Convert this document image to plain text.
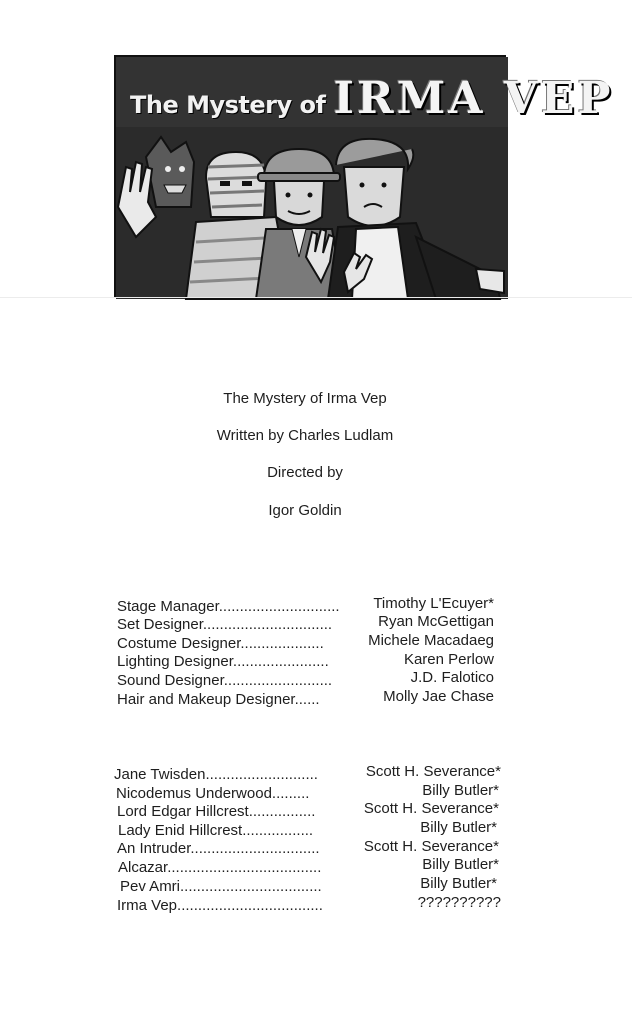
The Mystery of IRMA VEP
The Mystery of Irma Vep
Written by Charles Ludlam
Directed by
Igor Goldin
Stage Manager............................. Timothy L'Ecuyer*
Set Designer...............................	Ryan McGettigan
Costume Designer....................	Michele Macadaeg
Lighting Designer.......................	Karen Perlow
Sound Designer..........................	J.D. Falotico
Hair and Makeup Designer......	Molly Jae Chase
Jane Twisden...........................	Scott H. Severance*
Nicodemus Underwood.........	Billy Butler*
Lord Edgar Hillcrest................	Scott H. Severance*
Lady Enid Hillcrest.................	Billy Butler*
An Intruder...............................	Scott H. Severance*
Alcazar.....................................	Billy Butler*
Pev Amri..................................	Billy Butler*
Irma Vep...................................	??????????
